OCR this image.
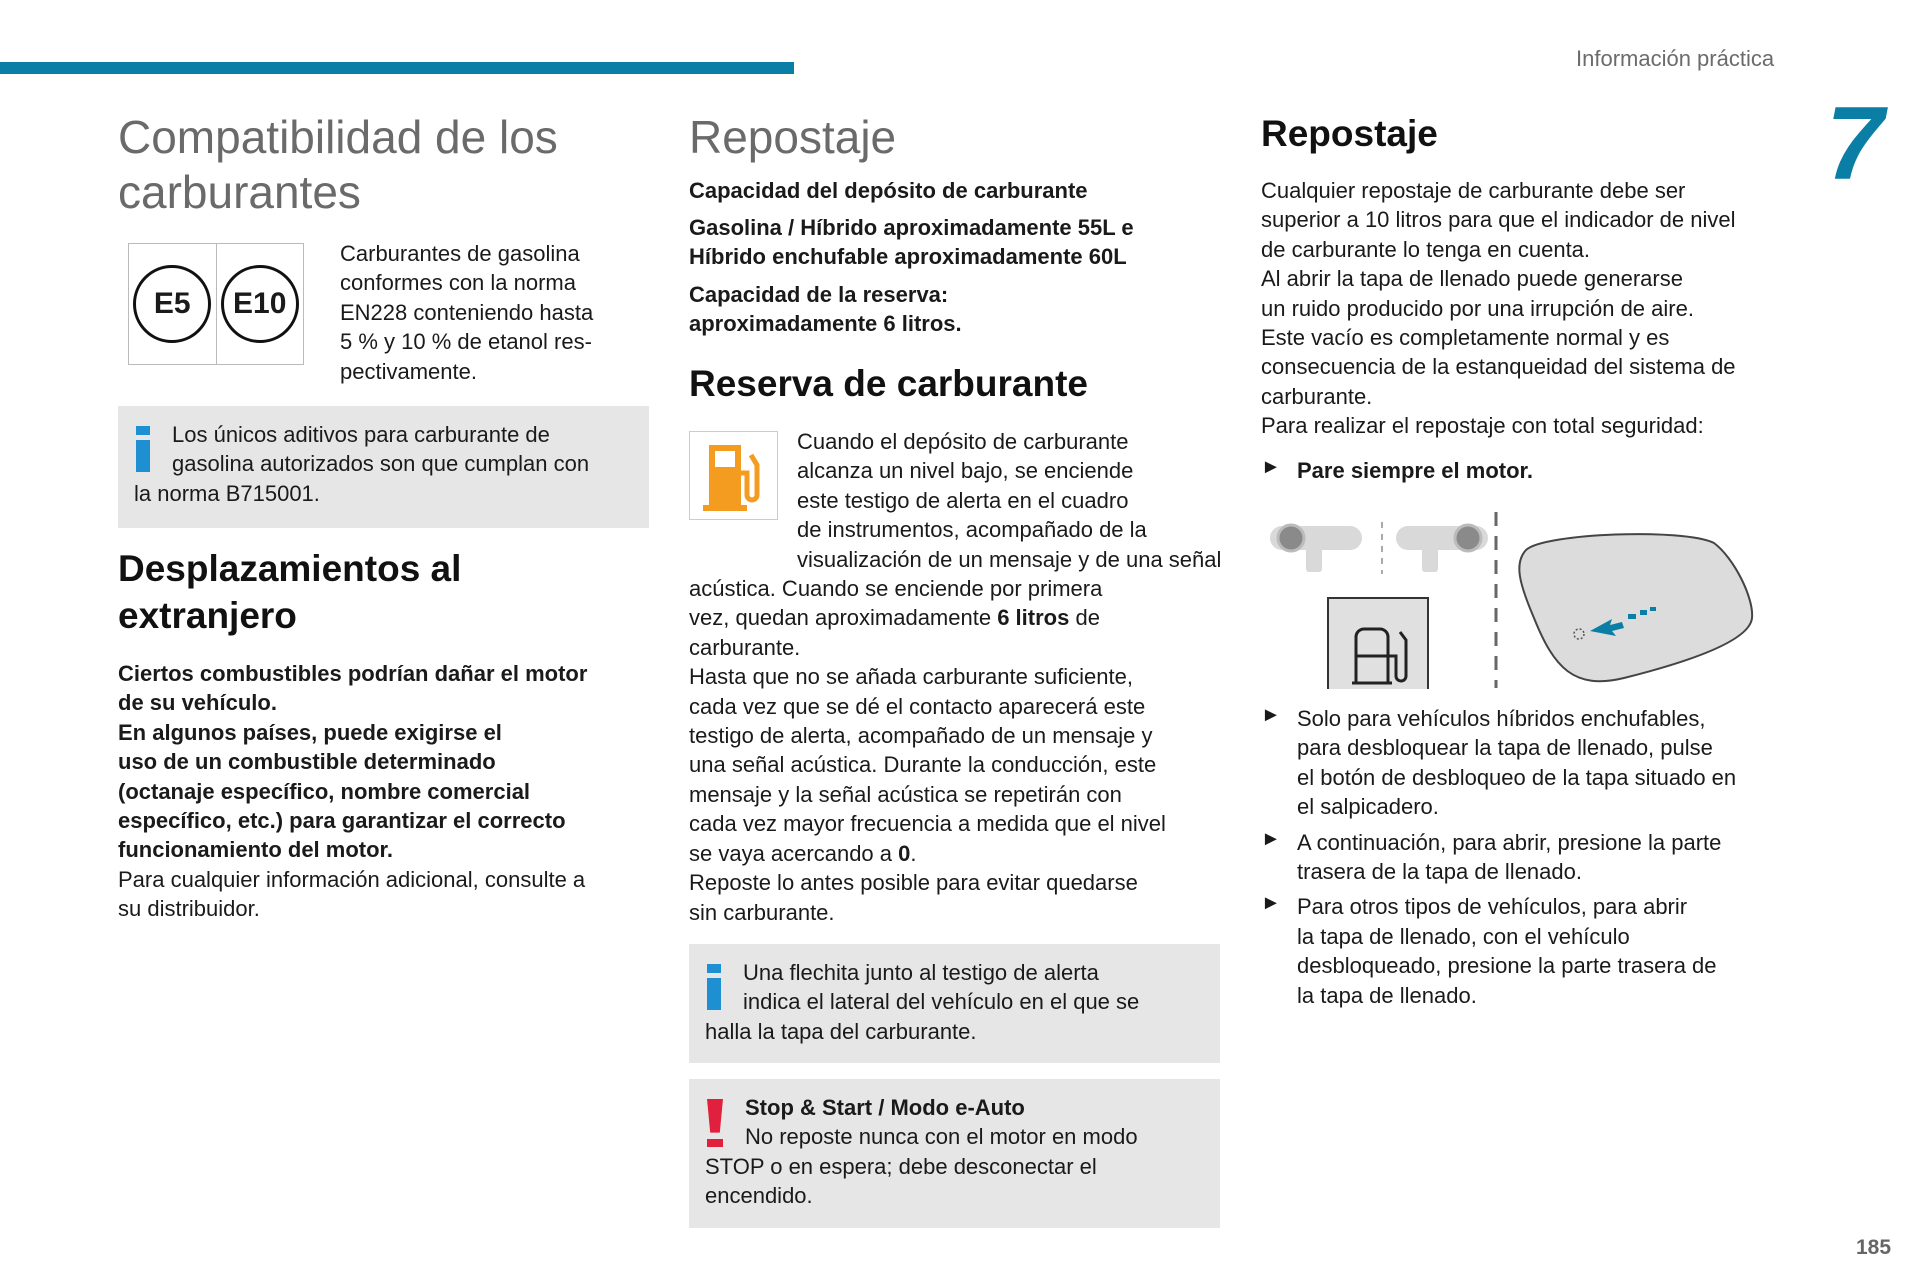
Información práctica
7
Compatibilidad de los
carburantes
E5	E10
Carburantes de gasolina
conformes con la norma
EN228 conteniendo hasta
5 % y 10 % de etanol res-
pectivamente.
Los únicos aditivos para carburante de
gasolina autorizados son que cumplan con
la norma B715001.
Desplazamientos al
extranjero
Ciertos combustibles podrían dañar el motor
de su vehículo.
En algunos países, puede exigirse el
uso de un combustible determinado
(octanaje específico, nombre comercial
específico, etc.) para garantizar el correcto
funcionamiento del motor.
Para cualquier información adicional, consulte a
su distribuidor.
Repostaje
Capacidad del depósito de carburante
Gasolina / Híbrido aproximadamente 55L e
Híbrido enchufable aproximadamente 60L
Capacidad de la reserva:
aproximadamente 6 litros.
Reserva de carburante
Cuando el depósito de carburante
alcanza un nivel bajo, se enciende
este testigo de alerta en el cuadro
de instrumentos, acompañado de la
visualización de un mensaje y de una señal
acústica. Cuando se enciende por primera
vez, quedan aproximadamente 6 litros de
carburante.
Hasta que no se añada carburante suficiente,
cada vez que se dé el contacto aparecerá este
testigo de alerta, acompañado de un mensaje y
una señal acústica. Durante la conducción, este
mensaje y la señal acústica se repetirán con
cada vez mayor frecuencia a medida que el nivel
se vaya acercando a 0.
Reposte lo antes posible para evitar quedarse
sin carburante.
Una flechita junto al testigo de alerta
indica el lateral del vehículo en el que se
halla la tapa del carburante.
Stop & Start / Modo e-Auto
No reposte nunca con el motor en modo
STOP o en espera; debe desconectar el
encendido.
Repostaje
Cualquier repostaje de carburante debe ser
superior a 10 litros para que el indicador de nivel
de carburante lo tenga en cuenta.
Al abrir la tapa de llenado puede generarse
un ruido producido por una irrupción de aire.
Este vacío es completamente normal y es
consecuencia de la estanqueidad del sistema de
carburante.
Para realizar el repostaje con total seguridad:
► Pare siempre el motor.
► Solo para vehículos híbridos enchufables,
para desbloquear la tapa de llenado, pulse
el botón de desbloqueo de la tapa situado en
el salpicadero.
► A continuación, para abrir, presione la parte
trasera de la tapa de llenado.
► Para otros tipos de vehículos, para abrir
la tapa de llenado, con el vehículo
desbloqueado, presione la parte trasera de
la tapa de llenado.
185
